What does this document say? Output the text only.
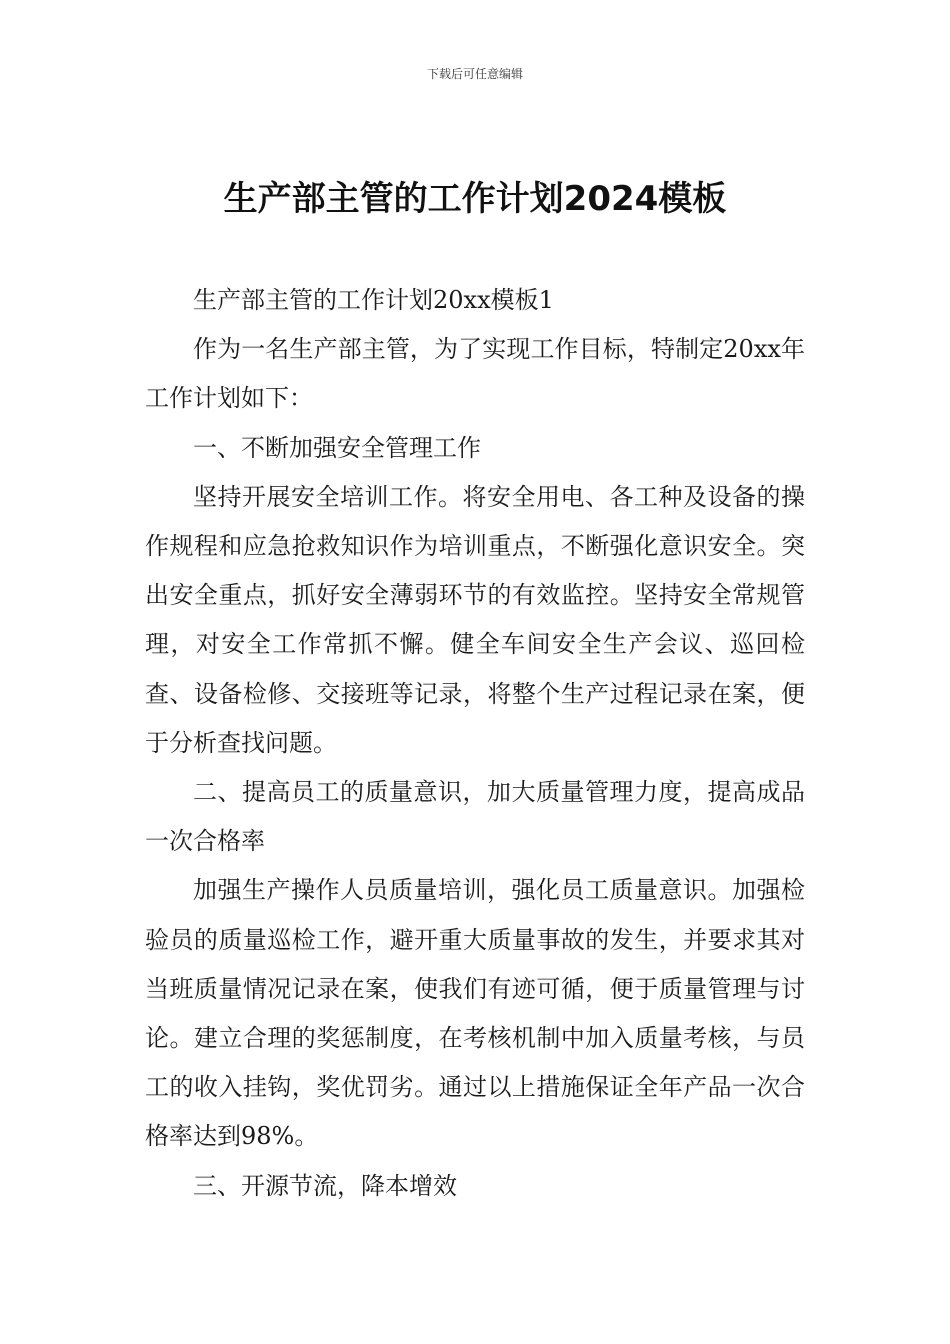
下载后可任意编辑
生产部主管的工作计划2024模板

生产部主管的工作计划20xx模板1

作为一名生产部主管，为了实现工作目标，特制定20xx年工作计划如下：

一、不断加强安全管理工作

坚持开展安全培训工作。将安全用电、各工种及设备的操作规程和应急抢救知识作为培训重点，不断强化意识安全。突出安全重点，抓好安全薄弱环节的有效监控。坚持安全常规管理，对安全工作常抓不懈。健全车间安全生产会议、巡回检查、设备检修、交接班等记录，将整个生产过程记录在案，便于分析查找问题。

二、提高员工的质量意识，加大质量管理力度，提高成品一次合格率

加强生产操作人员质量培训，强化员工质量意识。加强检验员的质量巡检工作，避开重大质量事故的发生，并要求其对当班质量情况记录在案，使我们有迹可循，便于质量管理与讨论。建立合理的奖惩制度，在考核机制中加入质量考核，与员工的收入挂钩，奖优罚劣。通过以上措施保证全年产品一次合格率达到98%。

三、开源节流，降本增效
